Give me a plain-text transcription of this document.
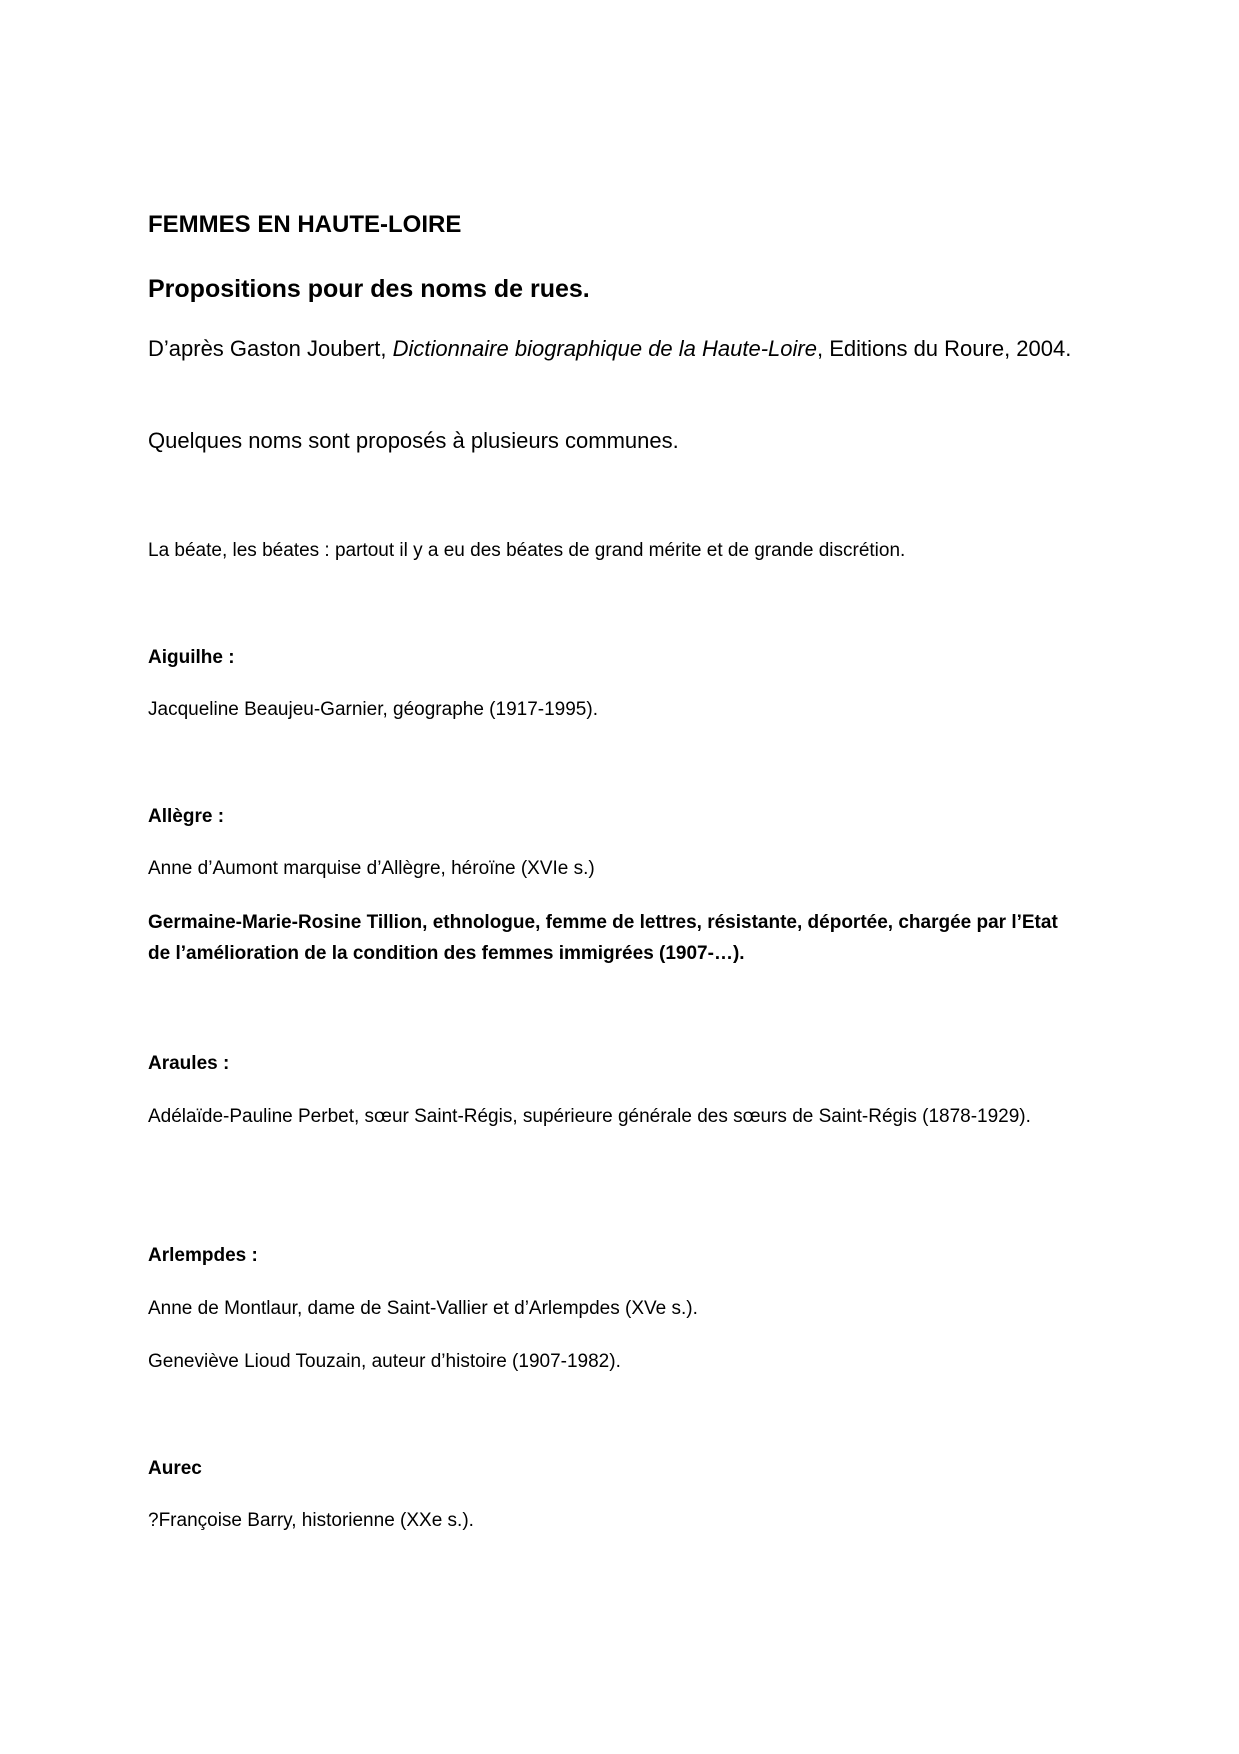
FEMMES EN HAUTE-LOIRE
Propositions pour des noms de rues.

D’après Gaston Joubert, Dictionnaire biographique de la Haute-Loire, Editions du Roure, 2004.

Quelques noms sont proposés à plusieurs communes.

La béate, les béates : partout il y a eu des béates de grand mérite et de grande discrétion.

Aiguilhe :

Jacqueline Beaujeu-Garnier, géographe (1917-1995).

Allègre :

Anne d’Aumont marquise d’Allègre, héroïne (XVIe s.)

Germaine-Marie-Rosine Tillion, ethnologue, femme de lettres, résistante, déportée, chargée par l’Etat de l’amélioration de la condition des femmes immigrées (1907-…).

Araules :

Adélaïde-Pauline Perbet, sœur Saint-Régis, supérieure générale des sœurs de Saint-Régis (1878-1929).

Arlempdes :

Anne de Montlaur, dame de Saint-Vallier et d’Arlempdes (XVe s.).

Geneviève Lioud Touzain, auteur d’histoire (1907-1982).

Aurec

?Françoise Barry, historienne (XXe s.).
